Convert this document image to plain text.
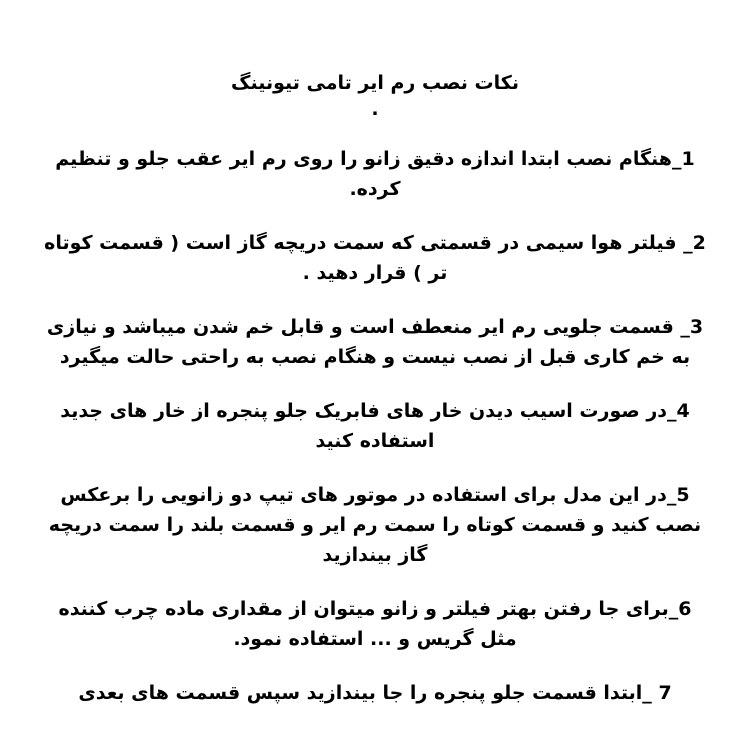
نکات نصب رم ایر تامی تیونینگ
.

1_هنگام نصب ابتدا اندازه دقیق زانو را روی رم ایر عقب جلو و تنظیم کرده.

2_ فیلتر هوا سیمی در قسمتی که سمت دریچه گاز است ( قسمت کوتاه تر ) قرار دهید .

3_ قسمت جلویی رم ایر منعطف است و قابل خم شدن میباشد و نیازی به خم کاری قبل از نصب نیست و هنگام نصب به راحتی حالت میگیرد

4_در صورت اسیب دیدن خار های فابریک جلو پنجره از خار های جدید استفاده کنید

5_در این مدل برای استفاده در موتور های تیپ دو زانویی را برعکس نصب کنید و قسمت کوتاه را سمت رم ایر و قسمت بلند را سمت دریچه گاز بیندازید

6_برای جا رفتن بهتر فیلتر و زانو میتوان از مقداری ماده چرب کننده مثل گریس و ... استفاده نمود.

7 _ابتدا قسمت جلو پنجره را جا بیندازید سپس قسمت های بعدی
